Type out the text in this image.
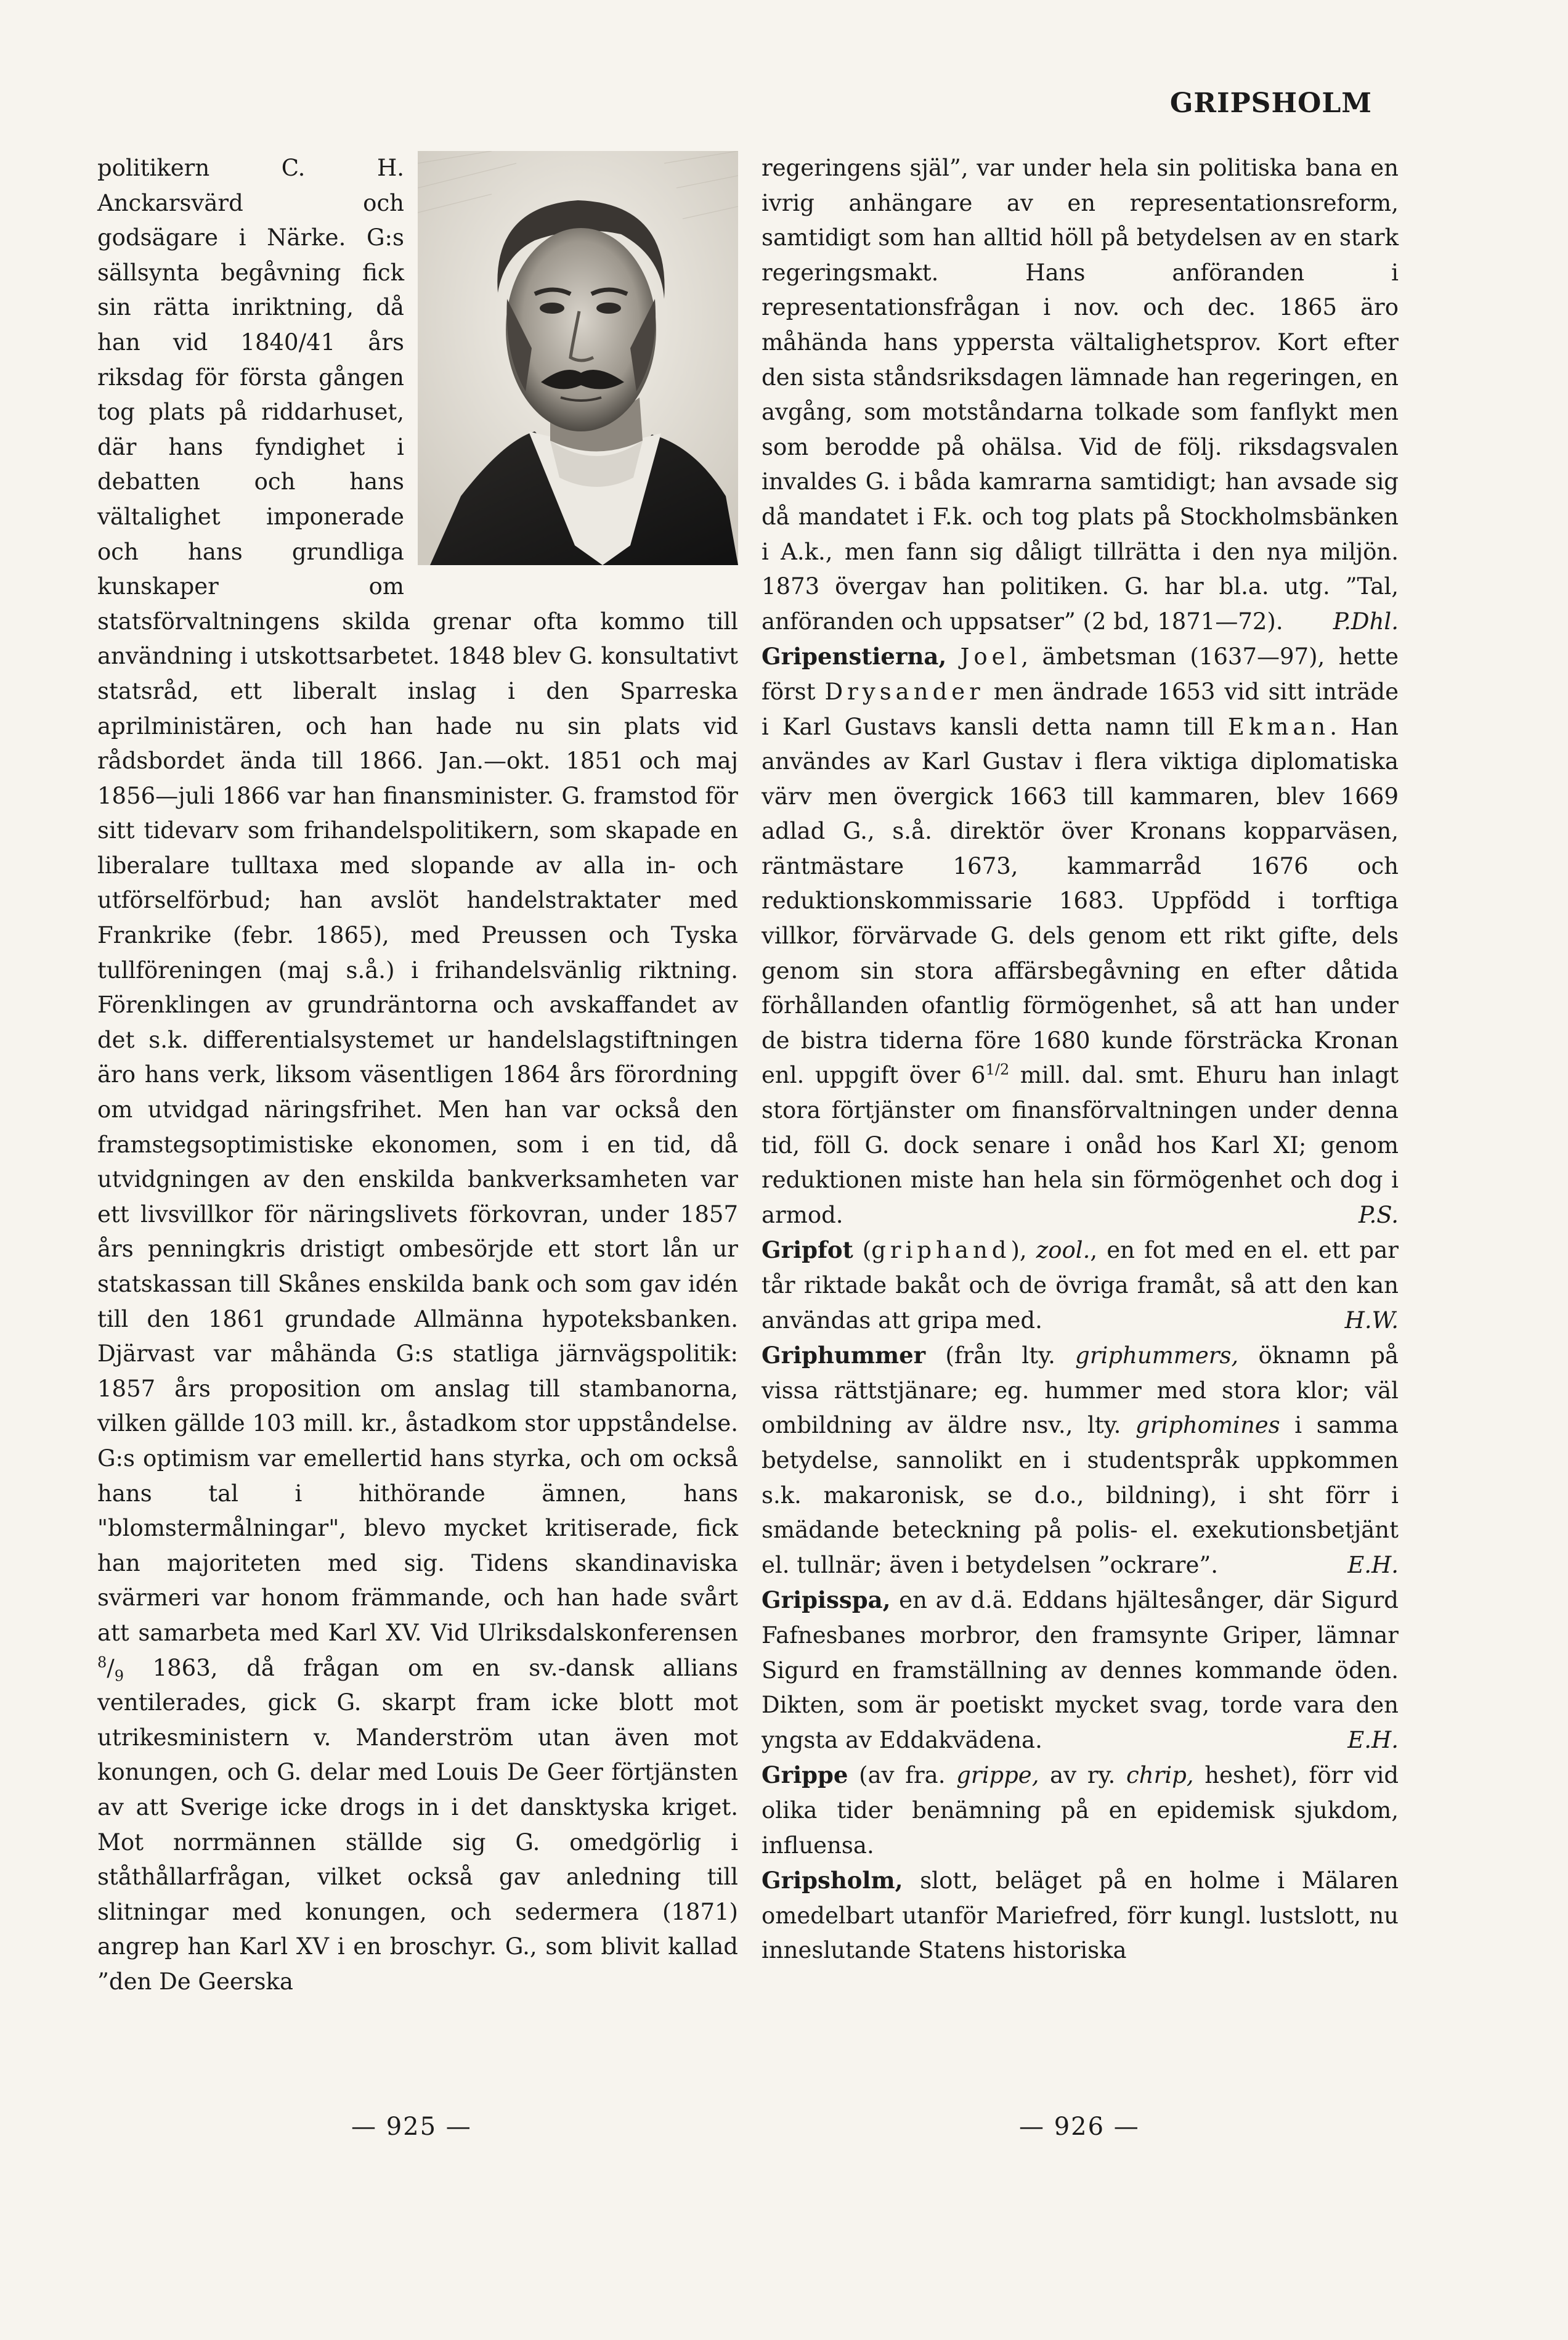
GRIPSHOLM

politikern C. H. Anckarsvärd och godsägare i Närke. G:s sällsynta begåvning fick sin rätta inriktning, då han vid 1840/41 års riksdag för första gången tog plats på riddarhuset, där hans fyndighet i debatten och hans vältalighet imponerade och hans grundliga kunskaper om statsförvaltningens skilda grenar ofta kommo till användning i utskottsarbetet. 1848 blev G. konsultativt statsråd, ett liberalt inslag i den Sparreska aprilministären, och han hade nu sin plats vid rådsbordet ända till 1866. Jan.—okt. 1851 och maj 1856—juli 1866 var han finansminister. G. framstod för sitt tidevarv som frihandelspolitikern, som skapade en liberalare tulltaxa med slopande av alla in- och utförselförbud; han avslöt handelstraktater med Frankrike (febr. 1865), med Preussen och Tyska tullföreningen (maj s.å.) i frihandelsvänlig riktning. Förenklingen av grundräntorna och avskaffandet av det s.k. differentialsystemet ur handelslagstiftningen äro hans verk, liksom väsentligen 1864 års förordning om utvidgad näringsfrihet. Men han var också den framstegsoptimistiske ekonomen, som i en tid, då utvidgningen av den enskilda bankverksamheten var ett livsvillkor för näringslivets förkovran, under 1857 års penningkris dristigt ombesörjde ett stort lån ur statskassan till Skånes enskilda bank och som gav idén till den 1861 grundade Allmänna hypoteksbanken. Djärvast var måhända G:s statliga järnvägspolitik: 1857 års proposition om anslag till stambanorna, vilken gällde 103 mill. kr., åstadkom stor uppståndelse. G:s optimism var emellertid hans styrka, och om också hans tal i hithörande ämnen, hans "blomstermålningar", blevo mycket kritiserade, fick han majoriteten med sig. Tidens skandinaviska svärmeri var honom främmande, och han hade svårt att samarbeta med Karl XV. Vid Ulriksdalskonferensen $^8/_9$ 1863, då frågan om en sv.-dansk allians ventilerades, gick G. skarpt fram icke blott mot utrikesministern v. Manderström utan även mot konungen, och G. delar med Louis De Geer förtjänsten av att Sverige icke drogs in i det dansktyska kriget. Mot norrmännen ställde sig G. omedgörlig i ståthållarfrågan, vilket också gav anledning till slitningar med konungen, och sedermera (1871) angrep han Karl XV i en broschyr. G., som blivit kallad ”den De Geerska

regeringens själ”, var under hela sin politiska bana en ivrig anhängare av en representationsreform, samtidigt som han alltid höll på betydelsen av en stark regeringsmakt. Hans anföranden i representationsfrågan i nov. och dec. 1865 äro måhända hans yppersta vältalighetsprov. Kort efter den sista ståndsriksdagen lämnade han regeringen, en avgång, som motståndarna tolkade som fanflykt men som berodde på ohälsa. Vid de följ. riksdagsvalen invaldes G. i båda kamrarna samtidigt; han avsade sig då mandatet i F.k. och tog plats på Stockholmsbänken i A.k., men fann sig dåligt tillrätta i den nya miljön. 1873 övergav han politiken. G. har bl.a. utg. ”Tal, anföranden och uppsatser” (2 bd, 1871—72). P.Dhl.

Gripenstierna, Joel, ämbetsman (1637—97), hette först Drysander men ändrade 1653 vid sitt inträde i Karl Gustavs kansli detta namn till Ekman. Han användes av Karl Gustav i flera viktiga diplomatiska värv men övergick 1663 till kammaren, blev 1669 adlad G., s.å. direktör över Kronans kopparväsen, räntmästare 1673, kammarråd 1676 och reduktionskommissarie 1683. Uppfödd i torftiga villkor, förvärvade G. dels genom ett rikt gifte, dels genom sin stora affärsbegåvning en efter dåtida förhållanden ofantlig förmögenhet, så att han under de bistra tiderna före 1680 kunde försträcka Kronan enl. uppgift över $6^{1/2}$ mill. dal. smt. Ehuru han inlagt stora förtjänster om finansförvaltningen under denna tid, föll G. dock senare i onåd hos Karl XI; genom reduktionen miste han hela sin förmögenhet och dog i armod.	P.S.

Gripfot (griphand), zool., en fot med en el. ett par tår riktade bakåt och de övriga framåt, så att den kan användas att gripa med.	H.W.

Griphummer (från lty. griphummers, öknamn på vissa rättstjänare; eg. hummer med stora klor; väl ombildning av äldre nsv., lty. griphomines i samma betydelse, sannolikt en i studentspråk uppkommen s.k. makaronisk, se d.o., bildning), i sht förr i smädande beteckning på polis- el. exekutionsbetjänt el. tullnär; även i betydelsen ”ockrare”.	E.H.

Gripisspa, en av d.ä. Eddans hjältesånger, där Sigurd Fafnesbanes morbror, den framsynte Griper, lämnar Sigurd en framställning av dennes kommande öden. Dikten, som är poetiskt mycket svag, torde vara den yngsta av Eddakvädena.	E.H.

Grippe (av fra. grippe, av ry. chrip, heshet), förr vid olika tider benämning på en epidemisk sjukdom, influensa.

Gripsholm, slott, beläget på en holme i Mälaren omedelbart utanför Mariefred, förr kungl. lustslott, nu inneslutande Statens historiska

— 925 —	— 926 —
